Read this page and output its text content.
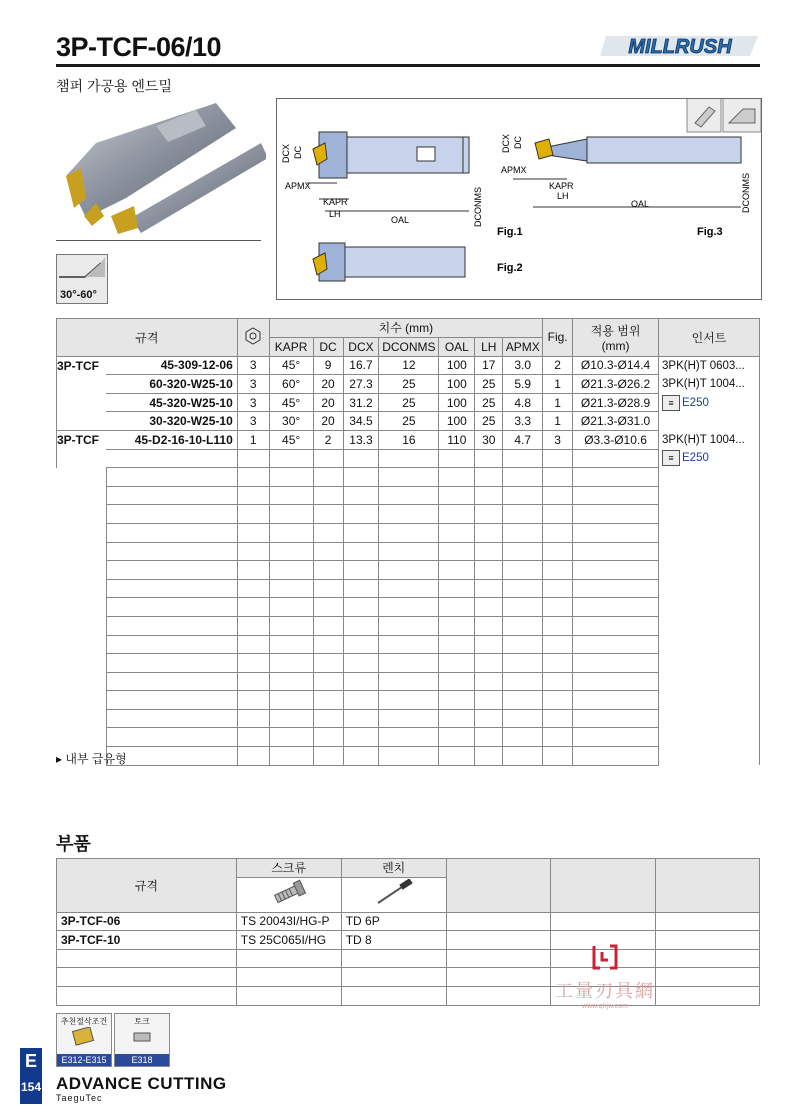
3P-TCF-06/10	MILLRUSH
챔퍼 가공용 엔드밀
30°-60°
DCX DC
APMX
KAPR
LH
OAL	DCONMS
DCX DC
APMX
KAPR
LH
OAL	DCONMS
Fig.1
Fig.2
Fig.3
규격			치수 (mm)							Fig.	적용 범위
(mm)	인서트
			KAPR	DC	DCX	DCONMS	OAL	LH	APMX			
3P-TCF	45-309-12-06	3	45°	9	16.7	12	100	17	3.0	2	Ø10.3-Ø14.4	3PK(H)T 0603...
	60-320-W25-10	3	60°	20	27.3	25	100	25	5.9	1	Ø21.3-Ø26.2	3PK(H)T 1004...
	45-320-W25-10	3	45°	20	31.2	25	100	25	4.8	1	Ø21.3-Ø28.9	≡ E250
	30-320-W25-10	3	30°	20	34.5	25	100	25	3.3	1	Ø21.3-Ø31.0	
3P-TCF	45-D2-16-10-L110	1	45°	2	13.3	16	110	30	4.7	3	Ø3.3-Ø10.6	3PK(H)T 1004...
												≡ E250

▸ 내부 급유형
부품
규격	스크류	렌치			

3P-TCF-06	TS 20043I/HG-P	TD 6P			
3P-TCF-10	TS 25C065I/HG	TD 8			

工量刃具網
www.qlrjw.com
추천절삭조건
E312-E315
토크
E318
E
154 ADVANCE CUTTING
TaeguTec
